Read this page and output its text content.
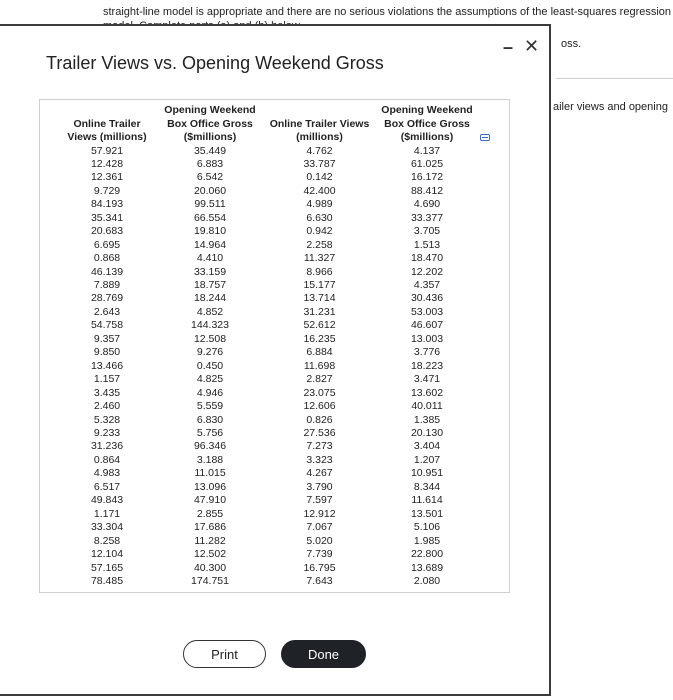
straight-line model is appropriate and there are no serious violations the assumptions of the least-squares regression
oss.
ailer views and opening
Trailer Views vs. Opening Weekend Gross
– ✕
Online Trailer Views (millions)	Opening Weekend Box Office Gross ($millions)	Online Trailer Views (millions)	Opening Weekend Box Office Gross ($millions)
57.921	35.449	4.762	4.137
12.428	6.883	33.787	61.025
12.361	6.542	0.142	16.172
9.729	20.060	42.400	88.412
84.193	99.511	4.989	4.690
35.341	66.554	6.630	33.377
20.683	19.810	0.942	3.705
6.695	14.964	2.258	1.513
0.868	4.410	11.327	18.470
46.139	33.159	8.966	12.202
7.889	18.757	15.177	4.357
28.769	18.244	13.714	30.436
2.643	4.852	31.231	53.003
54.758	144.323	52.612	46.607
9.357	12.508	16.235	13.003
9.850	9.276	6.884	3.776
13.466	0.450	11.698	18.223
1.157	4.825	2.827	3.471
3.435	4.946	23.075	13.602
2.460	5.559	12.606	40.011
5.328	6.830	0.826	1.385
9.233	5.756	27.536	20.130
31.236	96.346	7.273	3.404
0.864	3.188	3.323	1.207
4.983	11.015	4.267	10.951
6.517	13.096	3.790	8.344
49.843	47.910	7.597	11.614
1.171	2.855	12.912	13.501
33.304	17.686	7.067	5.106
8.258	11.282	5.020	1.985
12.104	12.502	7.739	22.800
57.165	40.300	16.795	13.689
78.485	174.751	7.643	2.080
Print	Done
